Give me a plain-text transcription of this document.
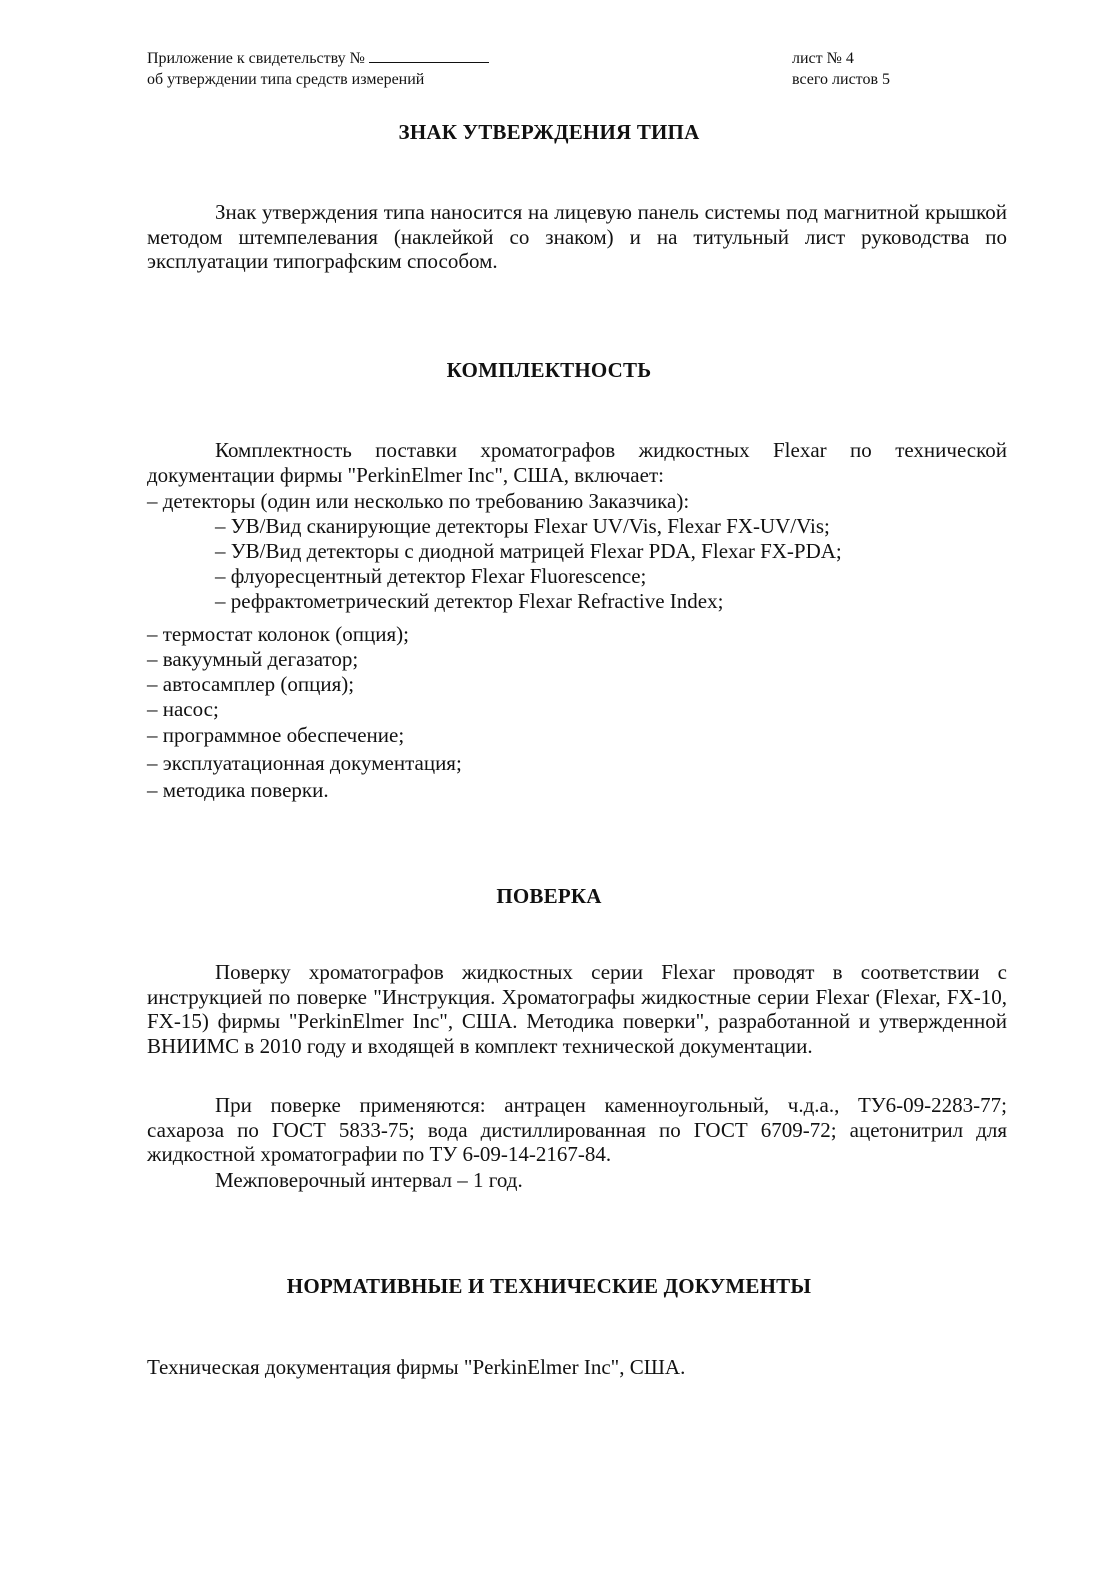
Приложение к свидетельству №
об утверждении типа средств измерений
лист № 4
всего листов 5
ЗНАК УТВЕРЖДЕНИЯ ТИПА
Знак утверждения типа наносится на лицевую панель системы под магнитной крышкой методом штемпелевания (наклейкой со знаком) и на титульный лист руководства по эксплуатации типографским способом.
КОМПЛЕКТНОСТЬ
Комплектность поставки хроматографов жидкостных Flexar по технической документации фирмы "PerkinElmer Inc", США, включает:
– детекторы (один или несколько по требованию Заказчика):
– УВ/Вид сканирующие детекторы Flexar UV/Vis, Flexar FX-UV/Vis;
– УВ/Вид детекторы с диодной матрицей Flexar PDA, Flexar FX-PDA;
– флуоресцентный детектор Flexar Fluorescence;
– рефрактометрический детектор Flexar Refractive Index;
– термостат колонок (опция);
– вакуумный дегазатор;
– автосамплер (опция);
– насос;
– программное обеспечение;
– эксплуатационная документация;
– методика поверки.
ПОВЕРКА
Поверку хроматографов жидкостных серии Flexar проводят в соответствии с инструкцией по поверке "Инструкция. Хроматографы жидкостные серии Flexar (Flexar, FX-10, FX-15) фирмы "PerkinElmer Inc", США. Методика поверки", разработанной и утвержденной ВНИИМС в 2010 году и входящей в комплект технической документации.
При поверке применяются: антрацен каменноугольный, ч.д.а., ТУ6-09-2283-77; сахароза по ГОСТ 5833-75; вода дистиллированная по ГОСТ 6709-72; ацетонитрил для жидкостной хроматографии по ТУ 6-09-14-2167-84.
Межповерочный интервал – 1 год.
НОРМАТИВНЫЕ И ТЕХНИЧЕСКИЕ ДОКУМЕНТЫ
Техническая документация фирмы "PerkinElmer Inc", США.
